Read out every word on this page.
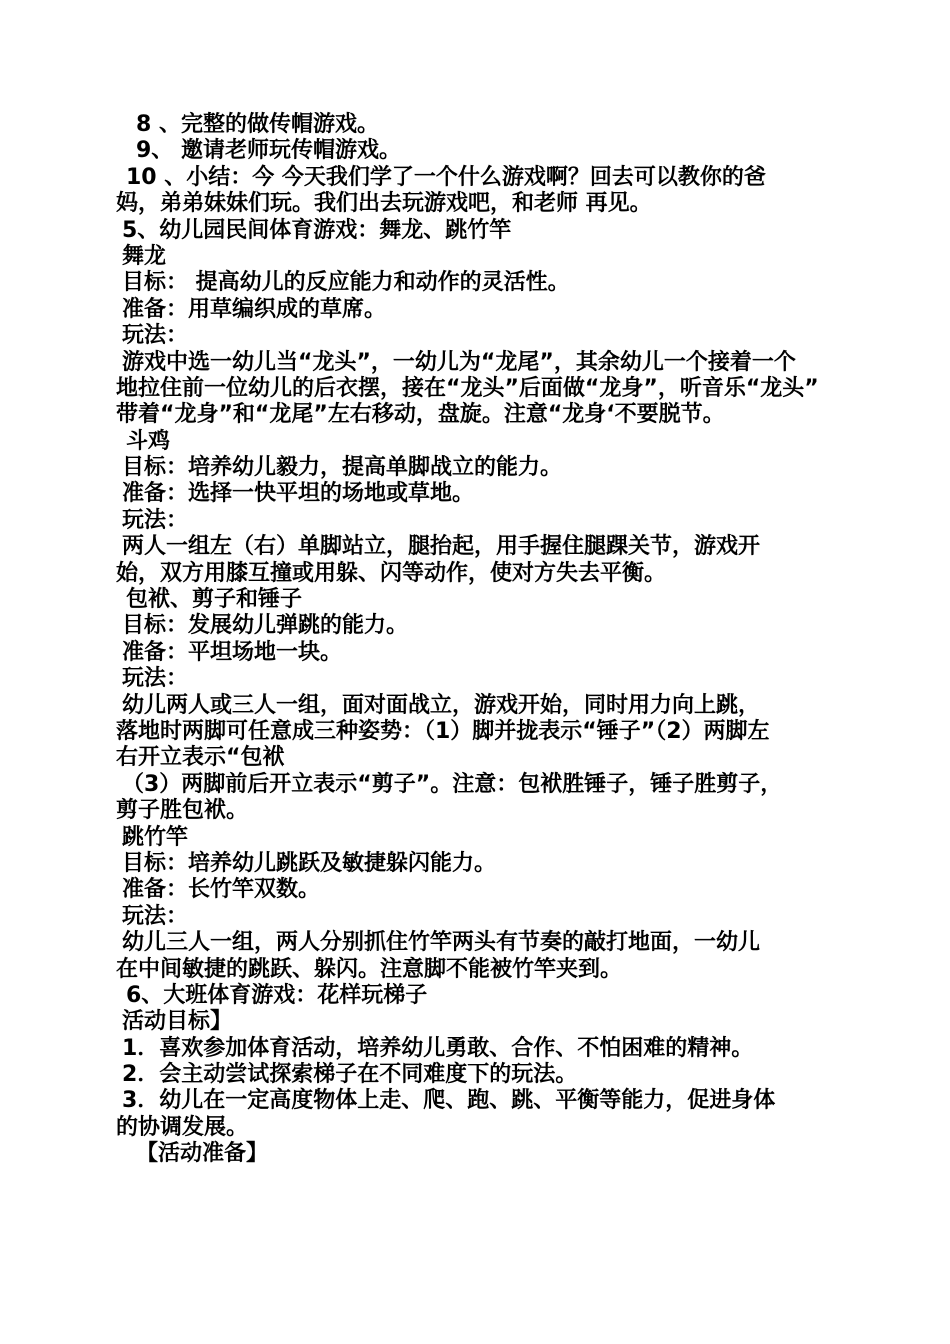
8 、完整的做传帽游戏。
9、 邀请老师玩传帽游戏。
10 、小结：今 今天我们学了一个什么游戏啊？回去可以教你的爸
妈，弟弟妹妹们玩。我们出去玩游戏吧，和老师 再见。
5、幼儿园民间体育游戏：舞龙、跳竹竿
舞龙
目标： 提高幼儿的反应能力和动作的灵活性。
准备：用草编织成的草席。
玩法：
游戏中选一幼儿当“龙头”，一幼儿为“龙尾”，其余幼儿一个接着一个
地拉住前一位幼儿的后衣摆，接在“龙头”后面做“龙身”，听音乐“龙头”
带着“龙身”和“龙尾”左右移动，盘旋。注意“龙身‘不要脱节。
斗鸡
目标：培养幼儿毅力，提高单脚战立的能力。
准备：选择一快平坦的场地或草地。
玩法：
两人一组左（右）单脚站立，腿抬起，用手握住腿踝关节，游戏开
始，双方用膝互撞或用躲、闪等动作，使对方失去平衡。
包袱、剪子和锤子
目标：发展幼儿弹跳的能力。
准备：平坦场地一块。
玩法：
幼儿两人或三人一组，面对面战立，游戏开始，同时用力向上跳，
落地时两脚可任意成三种姿势：（1）脚并拢表示“锤子”（2）两脚左
右开立表示“包袱
（3）两脚前后开立表示“剪子”。注意：包袱胜锤子，锤子胜剪子，
剪子胜包袱。
跳竹竿
目标：培养幼儿跳跃及敏捷躲闪能力。
准备：长竹竿双数。
玩法：
幼儿三人一组，两人分别抓住竹竿两头有节奏的敲打地面，一幼儿
在中间敏捷的跳跃、躲闪。注意脚不能被竹竿夹到。
6、大班体育游戏：花样玩梯子
活动目标】
1．喜欢参加体育活动，培养幼儿勇敢、合作、不怕困难的精神。
2．会主动尝试探索梯子在不同难度下的玩法。
3．幼儿在一定高度物体上走、爬、跑、跳、平衡等能力，促进身体
的协调发展。
【活动准备】
